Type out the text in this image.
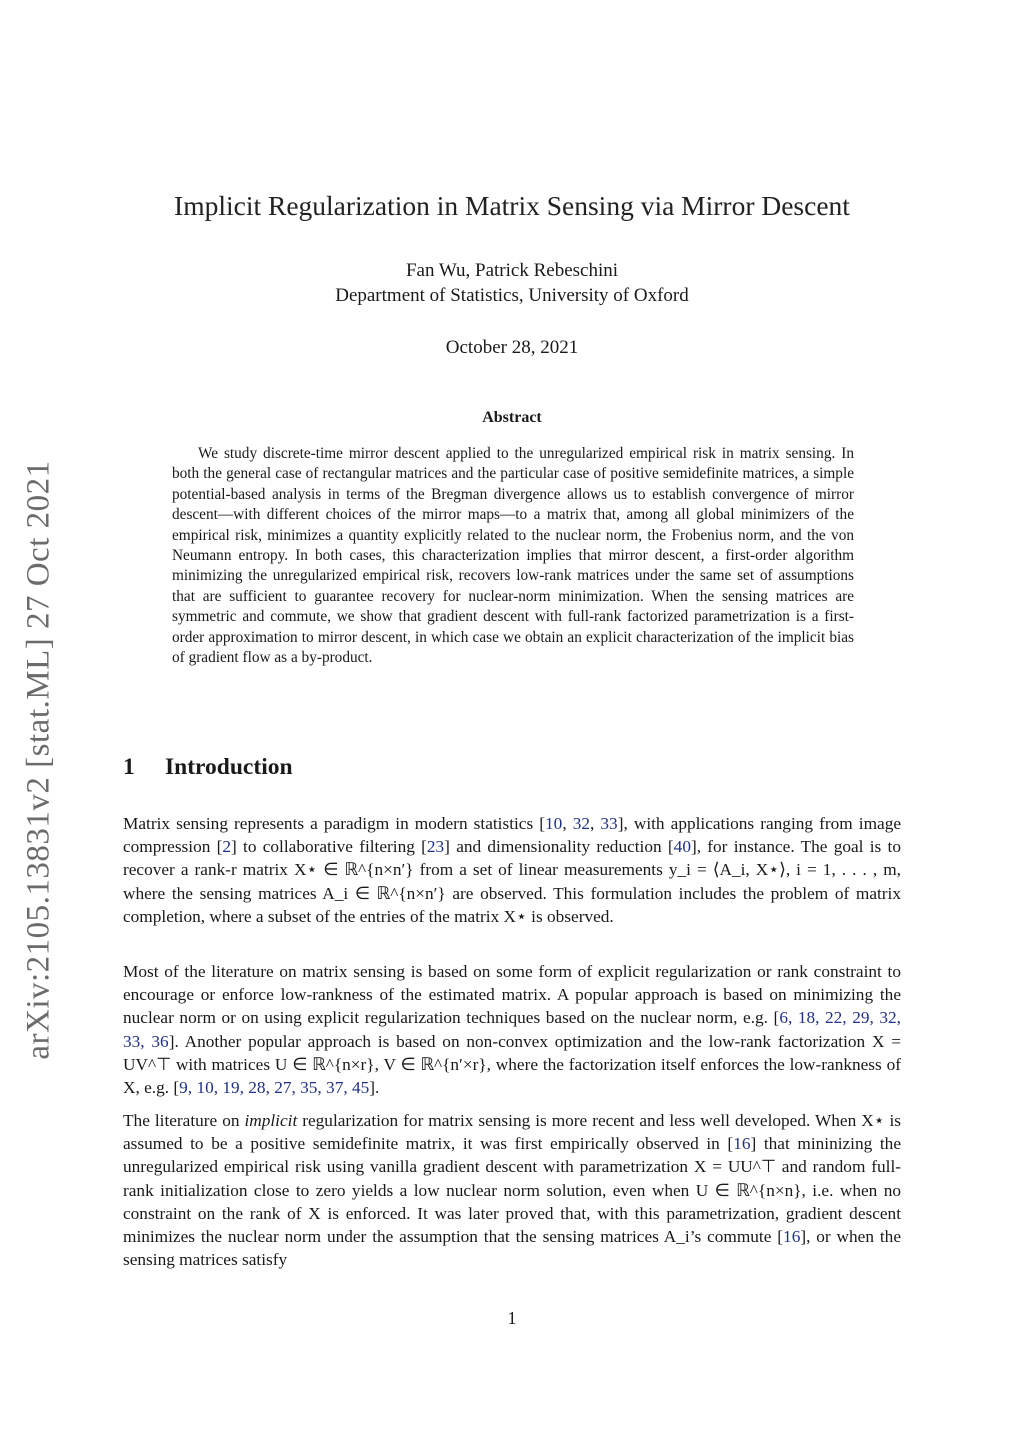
arXiv:2105.13831v2 [stat.ML] 27 Oct 2021
Implicit Regularization in Matrix Sensing via Mirror Descent
Fan Wu, Patrick Rebeschini
Department of Statistics, University of Oxford
October 28, 2021
Abstract

We study discrete-time mirror descent applied to the unregularized empirical risk in matrix sensing. In both the general case of rectangular matrices and the particular case of positive semidefinite matrices, a simple potential-based analysis in terms of the Bregman divergence allows us to establish convergence of mirror descent—with different choices of the mirror maps—to a matrix that, among all global minimizers of the empirical risk, minimizes a quantity explicitly related to the nuclear norm, the Frobenius norm, and the von Neumann entropy. In both cases, this characterization implies that mirror descent, a first-order algorithm minimizing the unregularized empirical risk, recovers low-rank matrices under the same set of assumptions that are sufficient to guarantee recovery for nuclear-norm minimization. When the sensing matrices are symmetric and commute, we show that gradient descent with full-rank factorized parametrization is a first-order approximation to mirror descent, in which case we obtain an explicit characterization of the implicit bias of gradient flow as a by-product.

1 Introduction

Matrix sensing represents a paradigm in modern statistics [10, 32, 33], with applications ranging from image compression [2] to collaborative filtering [23] and dimensionality reduction [40], for instance. The goal is to recover a rank-r matrix X⋆ ∈ ℝ^{n×n′} from a set of linear measurements y_i = ⟨A_i, X⋆⟩, i = 1, . . . , m, where the sensing matrices A_i ∈ ℝ^{n×n′} are observed. This formulation includes the problem of matrix completion, where a subset of the entries of the matrix X⋆ is observed.

Most of the literature on matrix sensing is based on some form of explicit regularization or rank constraint to encourage or enforce low-rankness of the estimated matrix. A popular approach is based on minimizing the nuclear norm or on using explicit regularization techniques based on the nuclear norm, e.g. [6, 18, 22, 29, 32, 33, 36]. Another popular approach is based on non-convex optimization and the low-rank factorization X = UV^⊤ with matrices U ∈ ℝ^{n×r}, V ∈ ℝ^{n′×r}, where the factorization itself enforces the low-rankness of X, e.g. [9, 10, 19, 28, 27, 35, 37, 45].

The literature on implicit regularization for matrix sensing is more recent and less well developed. When X⋆ is assumed to be a positive semidefinite matrix, it was first empirically observed in [16] that mininizing the unregularized empirical risk using vanilla gradient descent with parametrization X = UU^⊤ and random full-rank initialization close to zero yields a low nuclear norm solution, even when U ∈ ℝ^{n×n}, i.e. when no constraint on the rank of X is enforced. It was later proved that, with this parametrization, gradient descent minimizes the nuclear norm under the assumption that the sensing matrices A_i’s commute [16], or when the sensing matrices satisfy

1
